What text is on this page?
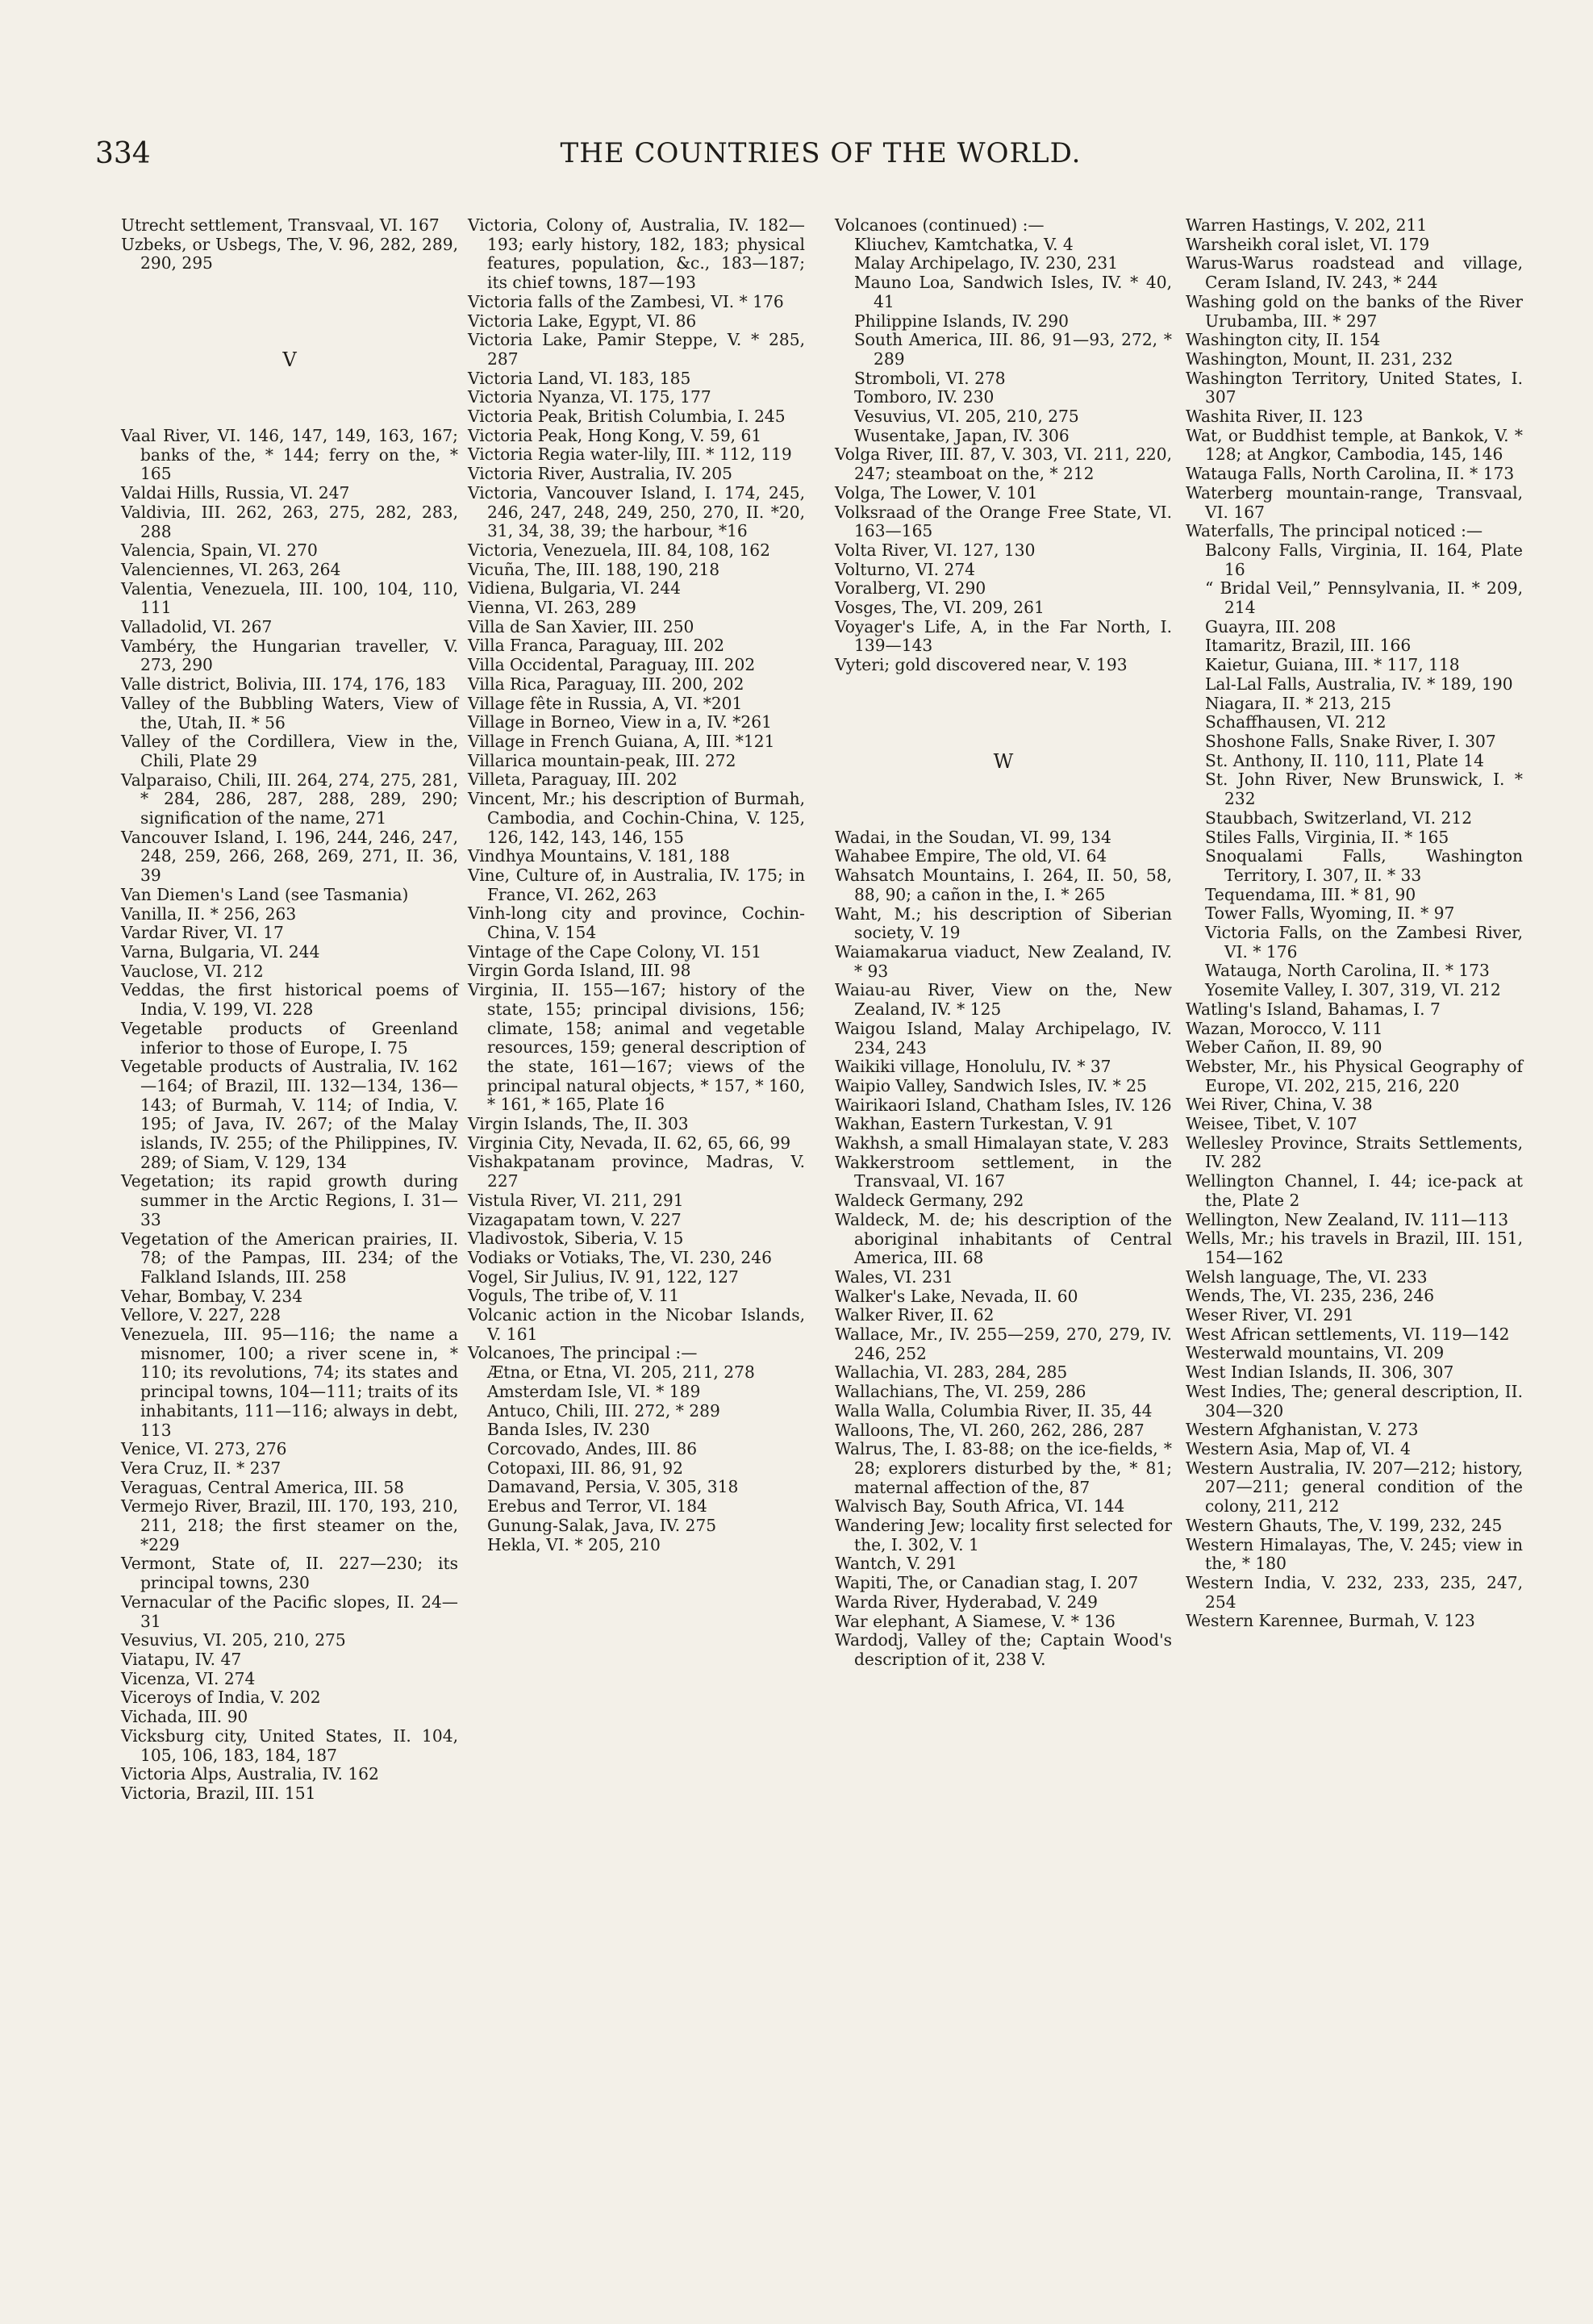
334	THE COUNTRIES OF THE WORLD.
Utrecht settlement, Transvaal, VI. 167
Uzbeks, or Usbegs, The, V. 96, 282, 289, 290, 295
V
Vaal River, VI. 146, 147, 149, 163, 167; banks of the, * 144; ferry on the, * 165
Valdai Hills, Russia, VI. 247
Valdivia, III. 262, 263, 275, 282, 283, 288
Valencia, Spain, VI. 270
Valenciennes, VI. 263, 264
Valentia, Venezuela, III. 100, 104, 110, 111
Valladolid, VI. 267
Vambéry, the Hungarian traveller, V. 273, 290
Valle district, Bolivia, III. 174, 176, 183
Valley of the Bubbling Waters, View of the, Utah, II. * 56
Valley of the Cordillera, View in the, Chili, Plate 29
Valparaiso, Chili, III. 264, 274, 275, 281, * 284, 286, 287, 288, 289, 290; signification of the name, 271
Vancouver Island, I. 196, 244, 246, 247, 248, 259, 266, 268, 269, 271, II. 36, 39
Van Diemen's Land (see Tasmania)
Vanilla, II. * 256, 263
Vardar River, VI. 17
Varna, Bulgaria, VI. 244
Vauclose, VI. 212
Veddas, the first historical poems of India, V. 199, VI. 228
Vegetable products of Greenland inferior to those of Europe, I. 75
Vegetable products of Australia, IV. 162—164; of Brazil, III. 132—134, 136—143; of Burmah, V. 114; of India, V. 195; of Java, IV. 267; of the Malay islands, IV. 255; of the Philippines, IV. 289; of Siam, V. 129, 134
Vegetation; its rapid growth during summer in the Arctic Regions, I. 31—33
Vegetation of the American prairies, II. 78; of the Pampas, III. 234; of the Falkland Islands, III. 258
Vehar, Bombay, V. 234
Vellore, V. 227, 228
Venezuela, III. 95—116; the name a misnomer, 100; a river scene in, * 110; its revolutions, 74; its states and principal towns, 104—111; traits of its inhabitants, 111—116; always in debt, 113
Venice, VI. 273, 276
Vera Cruz, II. * 237
Veraguas, Central America, III. 58
Vermejo River, Brazil, III. 170, 193, 210, 211, 218; the first steamer on the, *229
Vermont, State of, II. 227—230; its principal towns, 230
Vernacular of the Pacific slopes, II. 24—31
Vesuvius, VI. 205, 210, 275
Viatapu, IV. 47
Vicenza, VI. 274
Viceroys of India, V. 202
Vichada, III. 90
Vicksburg city, United States, II. 104, 105, 106, 183, 184, 187
Victoria Alps, Australia, IV. 162
Victoria, Brazil, III. 151
Victoria, Colony of, Australia, IV. 182—193; early history, 182, 183; physical features, population, &c., 183—187; its chief towns, 187—193
Victoria falls of the Zambesi, VI. * 176
Victoria Lake, Egypt, VI. 86
Victoria Lake, Pamir Steppe, V. * 285, 287
Victoria Land, VI. 183, 185
Victoria Nyanza, VI. 175, 177
Victoria Peak, British Columbia, I. 245
Victoria Peak, Hong Kong, V. 59, 61
Victoria Regia water-lily, III. * 112, 119
Victoria River, Australia, IV. 205
Victoria, Vancouver Island, I. 174, 245, 246, 247, 248, 249, 250, 270, II. *20, 31, 34, 38, 39; the harbour, *16
Victoria, Venezuela, III. 84, 108, 162
Vicuña, The, III. 188, 190, 218
Vidiena, Bulgaria, VI. 244
Vienna, VI. 263, 289
Villa de San Xavier, III. 250
Villa Franca, Paraguay, III. 202
Villa Occidental, Paraguay, III. 202
Villa Rica, Paraguay, III. 200, 202
Village fête in Russia, A, VI. *201
Village in Borneo, View in a, IV. *261
Village in French Guiana, A, III. *121
Villarica mountain-peak, III. 272
Villeta, Paraguay, III. 202
Vincent, Mr.; his description of Burmah, Cambodia, and Cochin-China, V. 125, 126, 142, 143, 146, 155
Vindhya Mountains, V. 181, 188
Vine, Culture of, in Australia, IV. 175; in France, VI. 262, 263
Vinh-long city and province, Cochin-China, V. 154
Vintage of the Cape Colony, VI. 151
Virgin Gorda Island, III. 98
Virginia, II. 155—167; history of the state, 155; principal divisions, 156; climate, 158; animal and vegetable resources, 159; general description of the state, 161—167; views of the principal natural objects, * 157, * 160, * 161, * 165, Plate 16
Virgin Islands, The, II. 303
Virginia City, Nevada, II. 62, 65, 66, 99
Vishakpatanam province, Madras, V. 227
Vistula River, VI. 211, 291
Vizagapatam town, V. 227
Vladivostok, Siberia, V. 15
Vodiaks or Votiaks, The, VI. 230, 246
Vogel, Sir Julius, IV. 91, 122, 127
Voguls, The tribe of, V. 11
Volcanic action in the Nicobar Islands, V. 161
Volcanoes, The principal :—
Ætna, or Etna, VI. 205, 211, 278
Amsterdam Isle, VI. * 189
Antuco, Chili, III. 272, * 289
Banda Isles, IV. 230
Corcovado, Andes, III. 86
Cotopaxi, III. 86, 91, 92
Damavand, Persia, V. 305, 318
Erebus and Terror, VI. 184
Gunung-Salak, Java, IV. 275
Hekla, VI. * 205, 210
Volcanoes (continued) :—
Kliuchev, Kamtchatka, V. 4
Malay Archipelago, IV. 230, 231
Mauno Loa, Sandwich Isles, IV. * 40, 41
Philippine Islands, IV. 290
South America, III. 86, 91—93, 272, * 289
Stromboli, VI. 278
Tomboro, IV. 230
Vesuvius, VI. 205, 210, 275
Wusentake, Japan, IV. 306
Volga River, III. 87, V. 303, VI. 211, 220, 247; steamboat on the, * 212
Volga, The Lower, V. 101
Volksraad of the Orange Free State, VI. 163—165
Volta River, VI. 127, 130
Volturno, VI. 274
Voralberg, VI. 290
Vosges, The, VI. 209, 261
Voyager's Life, A, in the Far North, I. 139—143
Vyteri; gold discovered near, V. 193
W
Wadai, in the Soudan, VI. 99, 134
Wahabee Empire, The old, VI. 64
Wahsatch Mountains, I. 264, II. 50, 58, 88, 90; a cañon in the, I. * 265
Waht, M.; his description of Siberian society, V. 19
Waiamakarua viaduct, New Zealand, IV. * 93
Waiau-au River, View on the, New Zealand, IV. * 125
Waigou Island, Malay Archipelago, IV. 234, 243
Waikiki village, Honolulu, IV. * 37
Waipio Valley, Sandwich Isles, IV. * 25
Wairikaori Island, Chatham Isles, IV. 126
Wakhan, Eastern Turkestan, V. 91
Wakhsh, a small Himalayan state, V. 283
Wakkerstroom settlement, in the Transvaal, VI. 167
Waldeck Germany, 292
Waldeck, M. de; his description of the aboriginal inhabitants of Central America, III. 68
Wales, VI. 231
Walker's Lake, Nevada, II. 60
Walker River, II. 62
Wallace, Mr., IV. 255—259, 270, 279, IV. 246, 252
Wallachia, VI. 283, 284, 285
Wallachians, The, VI. 259, 286
Walla Walla, Columbia River, II. 35, 44
Walloons, The, VI. 260, 262, 286, 287
Walrus, The, I. 83-88; on the ice-fields, * 28; explorers disturbed by the, * 81; maternal affection of the, 87
Walvisch Bay, South Africa, VI. 144
Wandering Jew; locality first selected for the, I. 302, V. 1
Wantch, V. 291
Wapiti, The, or Canadian stag, I. 207
Warda River, Hyderabad, V. 249
War elephant, A Siamese, V. * 136
Wardodj, Valley of the; Captain Wood's description of it, 238 V.
Warren Hastings, V. 202, 211
Warsheikh coral islet, VI. 179
Warus-Warus roadstead and village, Ceram Island, IV. 243, * 244
Washing gold on the banks of the River Urubamba, III. * 297
Washington city, II. 154
Washington, Mount, II. 231, 232
Washington Territory, United States, I. 307
Washita River, II. 123
Wat, or Buddhist temple, at Bankok, V. * 128; at Angkor, Cambodia, 145, 146
Watauga Falls, North Carolina, II. * 173
Waterberg mountain-range, Transvaal, VI. 167
Waterfalls, The principal noticed :—
Balcony Falls, Virginia, II. 164, Plate 16
“ Bridal Veil,” Pennsylvania, II. * 209, 214
Guayra, III. 208
Itamaritz, Brazil, III. 166
Kaietur, Guiana, III. * 117, 118
Lal-Lal Falls, Australia, IV. * 189, 190
Niagara, II. * 213, 215
Schaffhausen, VI. 212
Shoshone Falls, Snake River, I. 307
St. Anthony, II. 110, 111, Plate 14
St. John River, New Brunswick, I. * 232
Staubbach, Switzerland, VI. 212
Stiles Falls, Virginia, II. * 165
Snoqualami Falls, Washington Territory, I. 307, II. * 33
Tequendama, III. * 81, 90
Tower Falls, Wyoming, II. * 97
Victoria Falls, on the Zambesi River, VI. * 176
Watauga, North Carolina, II. * 173
Yosemite Valley, I. 307, 319, VI. 212
Watling's Island, Bahamas, I. 7
Wazan, Morocco, V. 111
Weber Cañon, II. 89, 90
Webster, Mr., his Physical Geography of Europe, VI. 202, 215, 216, 220
Wei River, China, V. 38
Weisee, Tibet, V. 107
Wellesley Province, Straits Settlements, IV. 282
Wellington Channel, I. 44; ice-pack at the, Plate 2
Wellington, New Zealand, IV. 111—113
Wells, Mr.; his travels in Brazil, III. 151, 154—162
Welsh language, The, VI. 233
Wends, The, VI. 235, 236, 246
Weser River, VI. 291
West African settlements, VI. 119—142
Westerwald mountains, VI. 209
West Indian Islands, II. 306, 307
West Indies, The; general description, II. 304—320
Western Afghanistan, V. 273
Western Asia, Map of, VI. 4
Western Australia, IV. 207—212; history, 207—211; general condition of the colony, 211, 212
Western Ghauts, The, V. 199, 232, 245
Western Himalayas, The, V. 245; view in the, * 180
Western India, V. 232, 233, 235, 247, 254
Western Karennee, Burmah, V. 123
